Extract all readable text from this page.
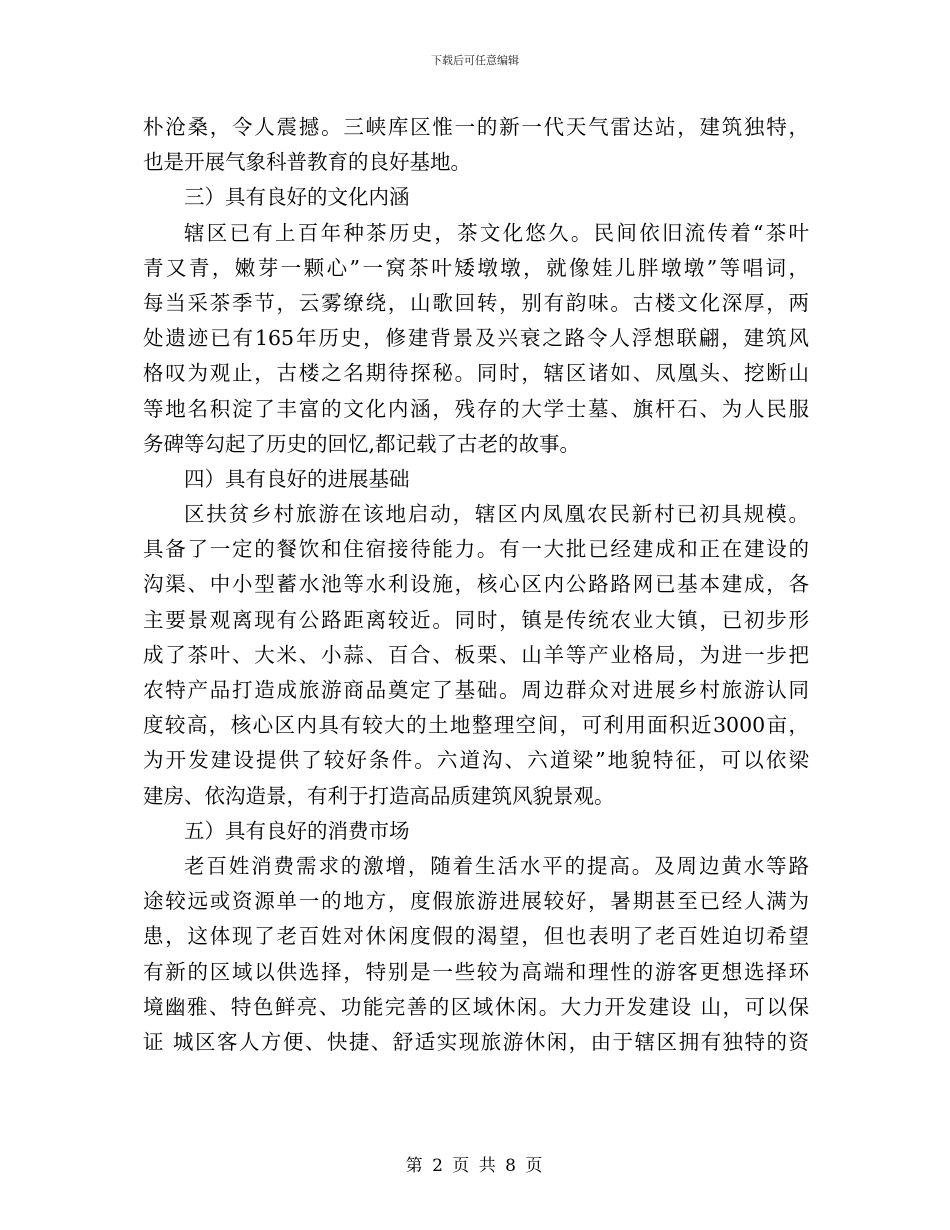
下载后可任意编辑
朴沧桑，令人震撼。三峡库区惟一的新一代天气雷达站，建筑独特，
也是开展气象科普教育的良好基地。
三）具有良好的文化内涵
辖区已有上百年种茶历史，茶文化悠久。民间依旧流传着“茶叶
青又青，嫩芽一颗心”一窝茶叶矮墩墩，就像娃儿胖墩墩”等唱词，
每当采茶季节，云雾缭绕，山歌回转，别有韵味。古楼文化深厚，两
处遗迹已有165年历史，修建背景及兴衰之路令人浮想联翩，建筑风
格叹为观止，古楼之名期待探秘。同时，辖区诸如、凤凰头、挖断山
等地名积淀了丰富的文化内涵，残存的大学士墓、旗杆石、为人民服
务碑等勾起了历史的回忆,都记载了古老的故事。
四）具有良好的进展基础
区扶贫乡村旅游在该地启动，辖区内凤凰农民新村已初具规模。
具备了一定的餐饮和住宿接待能力。有一大批已经建成和正在建设的
沟渠、中小型蓄水池等水利设施，核心区内公路路网已基本建成，各
主要景观离现有公路距离较近。同时，镇是传统农业大镇，已初步形
成了茶叶、大米、小蒜、百合、板栗、山羊等产业格局，为进一步把
农特产品打造成旅游商品奠定了基础。周边群众对进展乡村旅游认同
度较高，核心区内具有较大的土地整理空间，可利用面积近3000亩，
为开发建设提供了较好条件。六道沟、六道梁”地貌特征，可以依梁
建房、依沟造景，有利于打造高品质建筑风貌景观。
五）具有良好的消费市场
老百姓消费需求的激增，随着生活水平的提高。及周边黄水等路
途较远或资源单一的地方，度假旅游进展较好，暑期甚至已经人满为
患，这体现了老百姓对休闲度假的渴望，但也表明了老百姓迫切希望
有新的区域以供选择，特别是一些较为高端和理性的游客更想选择环
境幽雅、特色鲜亮、功能完善的区域休闲。大力开发建设 山，可以保
证 城区客人方便、快捷、舒适实现旅游休闲，由于辖区拥有独特的资
第 2 页 共 8 页
